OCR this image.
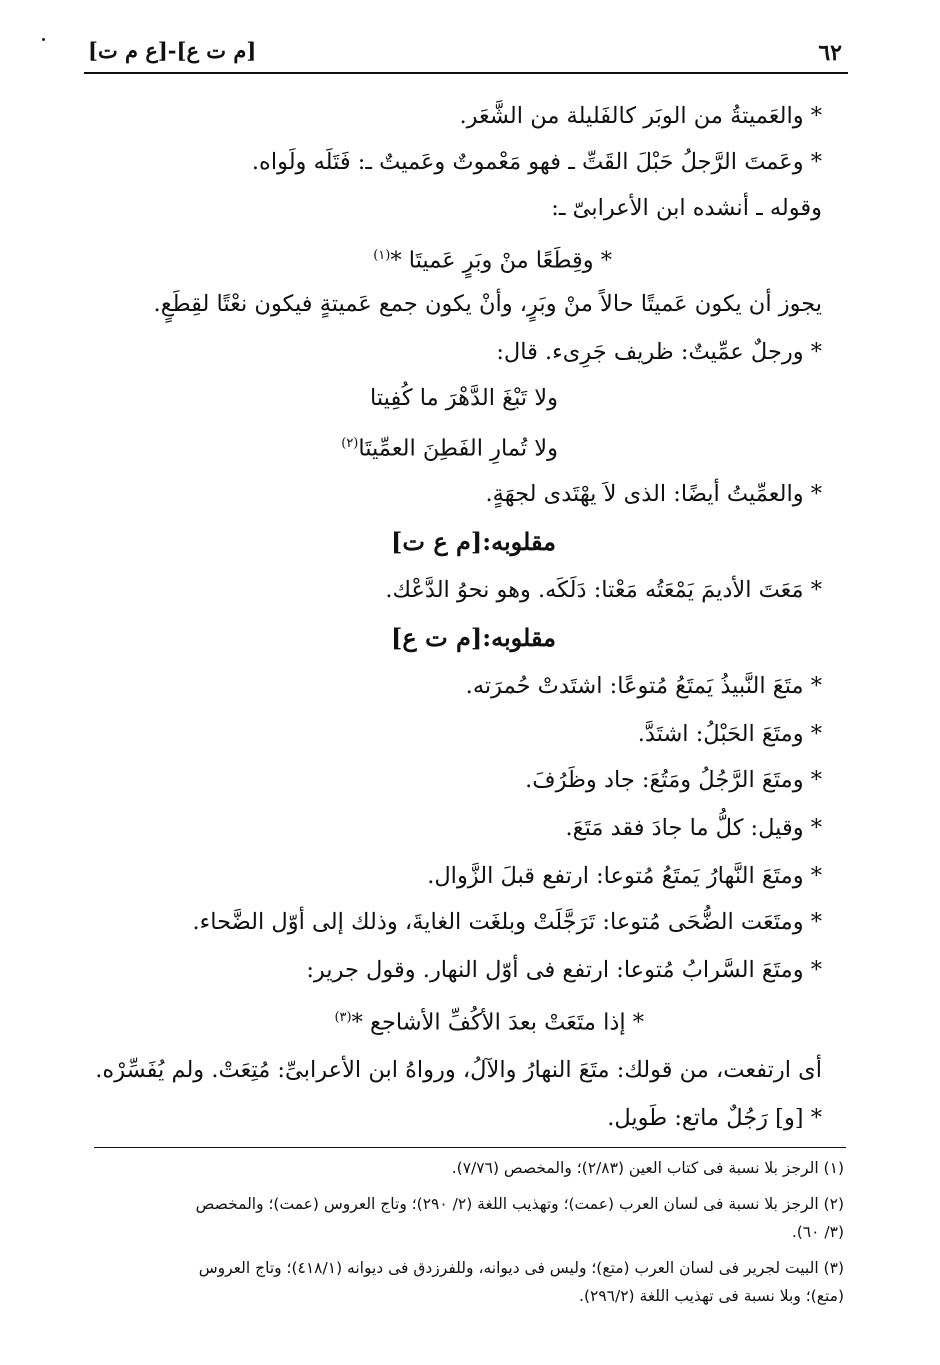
٦٢
[ع م ت]-[م ت ع]
* والعَميتةُ من الوبَر كالفَليلة من الشَّعَر.
* وعَمتَ الرَّجلُ حَبْلَ القَتِّ ـ فهو مَعْموتٌ وعَميتٌ ـ: فَتَلَه ولَواه.
وقوله ـ أنشده ابن الأعرابىّ ـ:
* وقِطَعًا منْ وبَرٍ عَميتَا *$^{(١)}$
يجوز أن يكون عَميتًا حالاً منْ وبَرٍ، وأنْ يكون جمع عَميتةٍ فيكون نعْتًا لقِطَعٍ.
* ورجلٌ عمِّيتٌ: ظريف جَرِىء. قال:
ولا تَبْغَ الدَّهْرَ ما كُفِيتا
ولا تُمارِ الفَطِنَ العمِّيتَا$^{(٢)}$
* والعمِّيتُ أيضًا: الذى لاَ يهْتَدى لجهَةٍ.
مقلوبه:[م ع ت]
* مَعَتَ الأديمَ يَمْعَتُه مَعْتا: دَلَكَه. وهو نحوُ الدَّعْك.
مقلوبه:[م ت ع]
* متَعَ النَّبيذُ يَمتَعُ مُتوعًا: اشتَدتْ حُمرَته.
* ومتَعَ الحَبْلُ: اشتَدَّ.
* ومتَعَ الرَّجُلُ ومَتُعَ: جاد وظَرُفَ.
* وقيل: كلُّ ما جادَ فقد مَتَعَ.
* ومتَعَ النَّهارُ يَمتَعُ مُتوعا: ارتفع قبلَ الزَّوال.
* ومتَعَت الضُّحَى مُتوعا: تَرَجَّلَتْ وبلغَت الغايةَ، وذلك إلى أوّل الضَّحاء.
* ومتَعَ السَّرابُ مُتوعا: ارتفع فى أوّل النهار. وقول جرير:
* إذا متَعَتْ بعدَ الأكُفِّ الأشاجع *$^{(٣)}$
أى ارتفعت، من قولك: متَعَ النهارُ والآلُ، ورواهُ ابن الأعرابىِّ: مُتِعَتْ. ولم يُفَسِّرْه.
* [و] رَجُلٌ ماتع: طَويل.
(١) الرجز بلا نسبة فى كتاب العين (٢/٨٣)؛ والمخصص (٧/٧٦).
(٢) الرجز بلا نسبة فى لسان العرب (عمت)؛ وتهذيب اللغة (٢/ ٢٩٠)؛ وتاج العروس (عمت)؛ والمخصص
(٣/ ٦٠).
(٣) البيت لجرير فى لسان العرب (متع)؛ وليس فى ديوانه، وللفرزدق فى ديوانه (٤١٨/١)؛ وتاج العروس
(متع)؛ وبلا نسبة فى تهذيب اللغة (٢٩٦/٢).
